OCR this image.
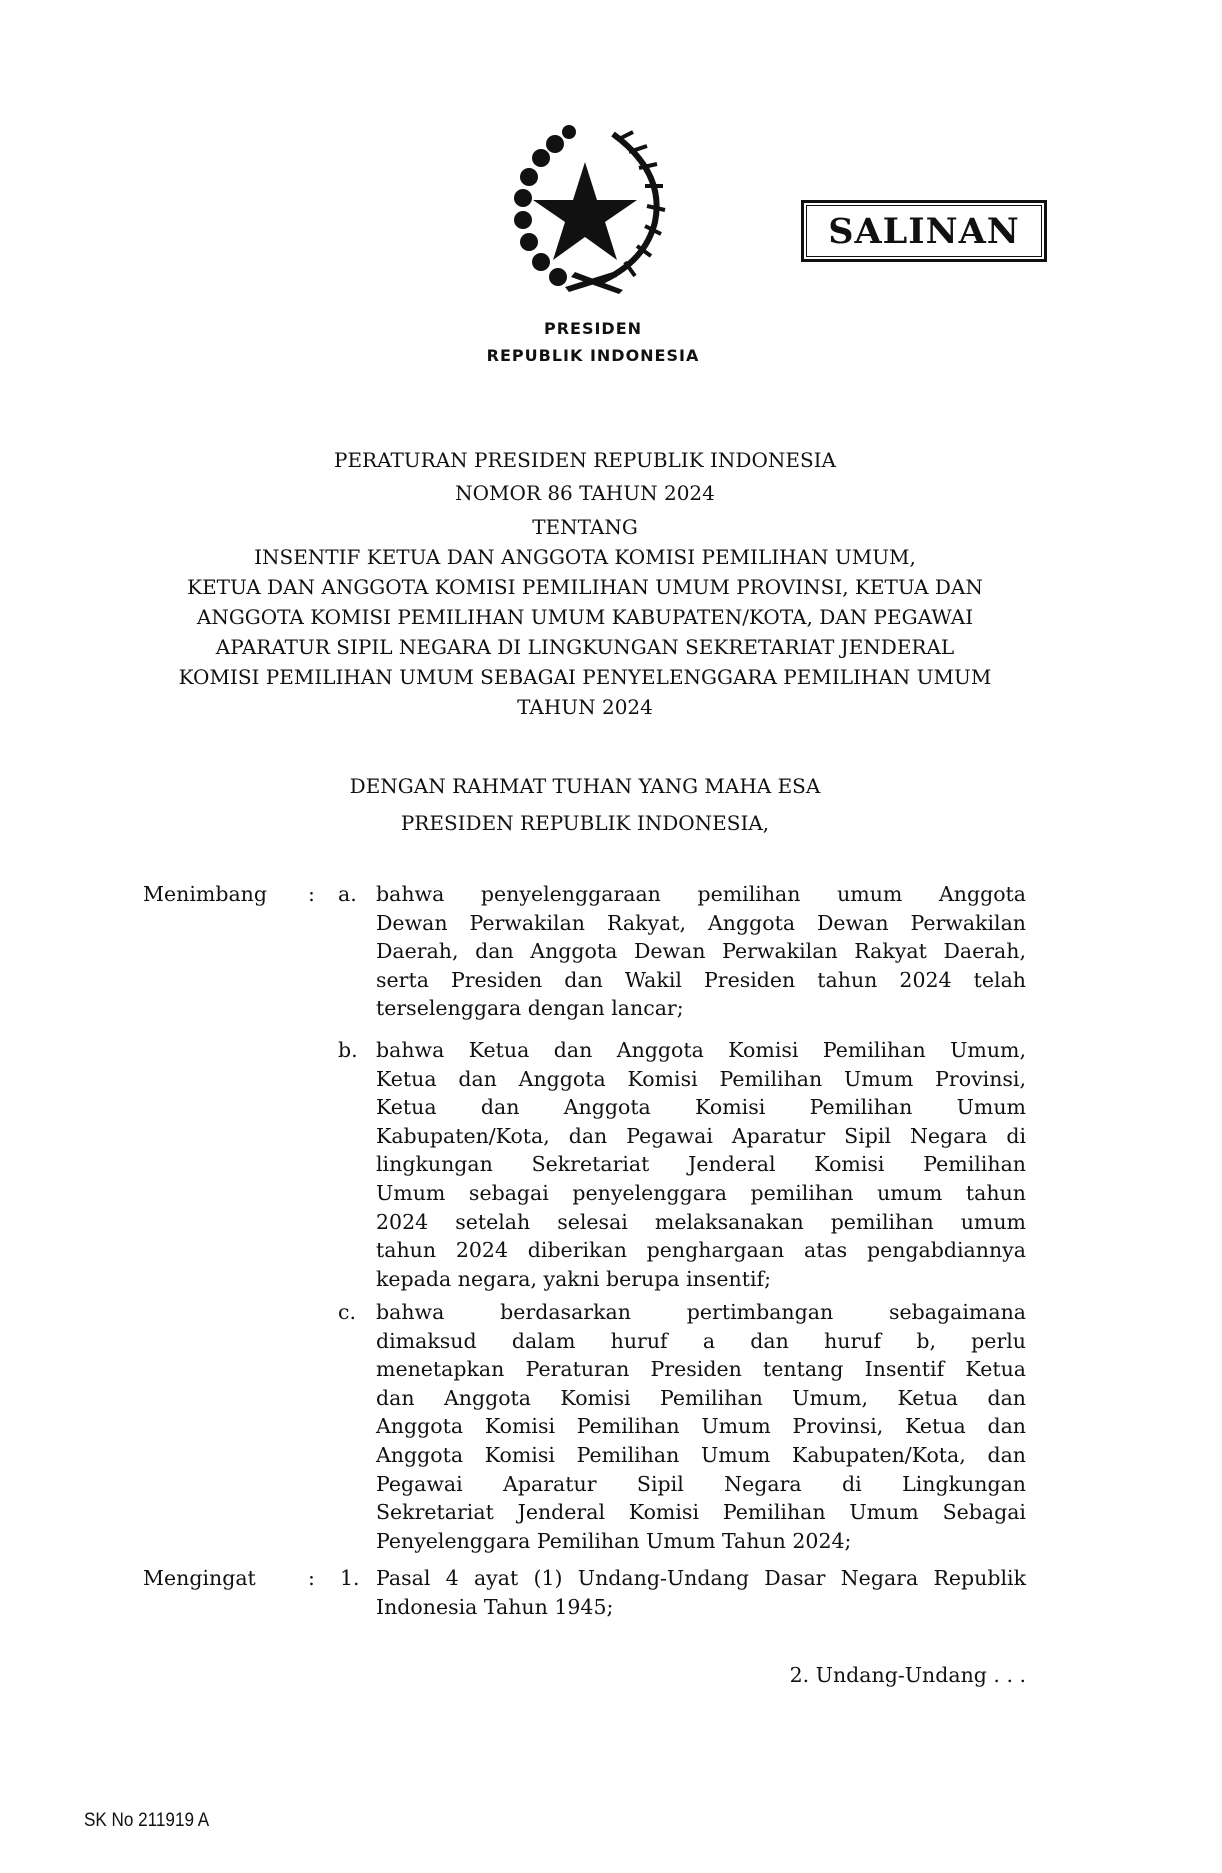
PRESIDEN
REPUBLIK INDONESIA
SALINAN
PERATURAN PRESIDEN REPUBLIK INDONESIA
NOMOR 86 TAHUN 2024
TENTANG
INSENTIF KETUA DAN ANGGOTA KOMISI PEMILIHAN UMUM,
KETUA DAN ANGGOTA KOMISI PEMILIHAN UMUM PROVINSI, KETUA DAN
ANGGOTA KOMISI PEMILIHAN UMUM KABUPATEN/KOTA, DAN PEGAWAI
APARATUR SIPIL NEGARA DI LINGKUNGAN SEKRETARIAT JENDERAL
KOMISI PEMILIHAN UMUM SEBAGAI PENYELENGGARA PEMILIHAN UMUM
TAHUN 2024
DENGAN RAHMAT TUHAN YANG MAHA ESA
PRESIDEN REPUBLIK INDONESIA,
Menimbang : a. bahwa penyelenggaraan pemilihan umum Anggota
Dewan Perwakilan Rakyat, Anggota Dewan Perwakilan
Daerah, dan Anggota Dewan Perwakilan Rakyat Daerah,
serta Presiden dan Wakil Presiden tahun 2024 telah
terselenggara dengan lancar;
b. bahwa Ketua dan Anggota Komisi Pemilihan Umum,
Ketua dan Anggota Komisi Pemilihan Umum Provinsi,
Ketua dan Anggota Komisi Pemilihan Umum
Kabupaten/Kota, dan Pegawai Aparatur Sipil Negara di
lingkungan Sekretariat Jenderal Komisi Pemilihan
Umum sebagai penyelenggara pemilihan umum tahun
2024 setelah selesai melaksanakan pemilihan umum
tahun 2024 diberikan penghargaan atas pengabdiannya
kepada negara, yakni berupa insentif;
c. bahwa berdasarkan pertimbangan sebagaimana
dimaksud dalam huruf a dan huruf b, perlu
menetapkan Peraturan Presiden tentang Insentif Ketua
dan Anggota Komisi Pemilihan Umum, Ketua dan
Anggota Komisi Pemilihan Umum Provinsi, Ketua dan
Anggota Komisi Pemilihan Umum Kabupaten/Kota, dan
Pegawai Aparatur Sipil Negara di Lingkungan
Sekretariat Jenderal Komisi Pemilihan Umum Sebagai
Penyelenggara Pemilihan Umum Tahun 2024;
Mengingat	: 1. Pasal 4 ayat (1) Undang-Undang Dasar Negara Republik
Indonesia Tahun 1945;
2. Undang-Undang . . .
SK No 211919 A
